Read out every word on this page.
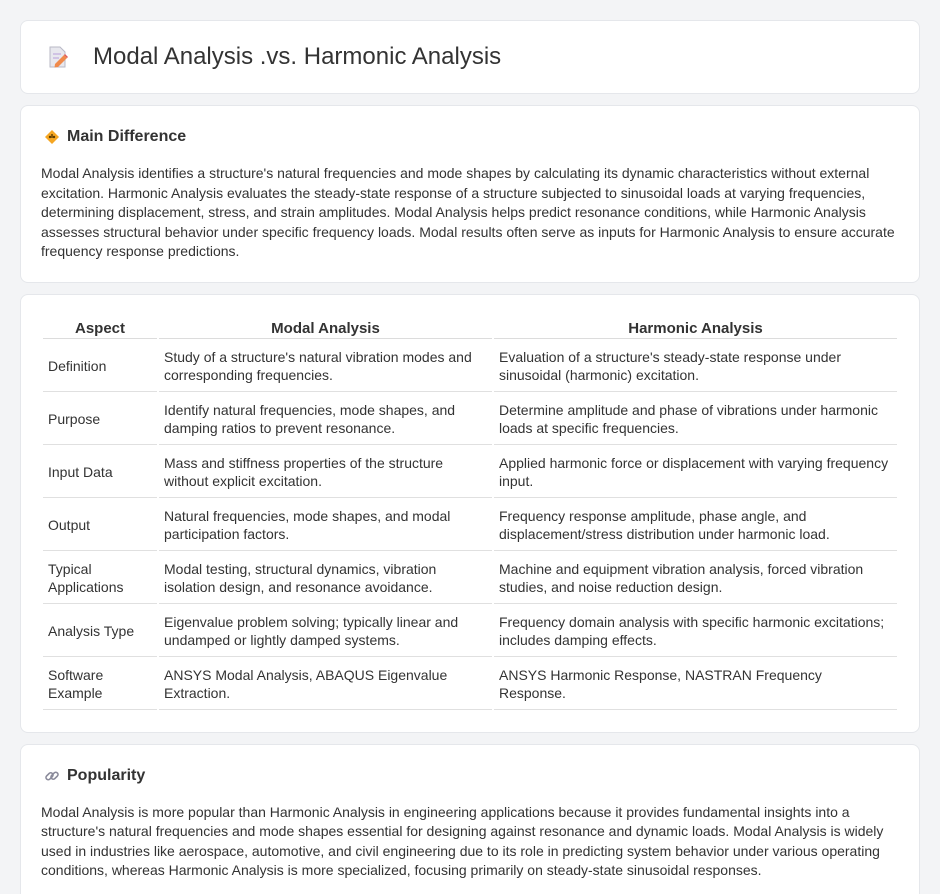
Modal Analysis .vs. Harmonic Analysis
Main Difference

Modal Analysis identifies a structure's natural frequencies and mode shapes by calculating its dynamic characteristics without external excitation. Harmonic Analysis evaluates the steady-state response of a structure subjected to sinusoidal loads at varying frequencies, determining displacement, stress, and strain amplitudes. Modal Analysis helps predict resonance conditions, while Harmonic Analysis assesses structural behavior under specific frequency loads. Modal results often serve as inputs for Harmonic Analysis to ensure accurate frequency response predictions.

Aspect	Modal Analysis	Harmonic Analysis
Definition	Study of a structure's natural vibration modes and corresponding frequencies.	Evaluation of a structure's steady-state response under sinusoidal (harmonic) excitation.
Purpose	Identify natural frequencies, mode shapes, and damping ratios to prevent resonance.	Determine amplitude and phase of vibrations under harmonic loads at specific frequencies.
Input Data	Mass and stiffness properties of the structure without explicit excitation.	Applied harmonic force or displacement with varying frequency input.
Output	Natural frequencies, mode shapes, and modal participation factors.	Frequency response amplitude, phase angle, and displacement/stress distribution under harmonic load.
Typical Applications	Modal testing, structural dynamics, vibration isolation design, and resonance avoidance.	Machine and equipment vibration analysis, forced vibration studies, and noise reduction design.
Analysis Type	Eigenvalue problem solving; typically linear and undamped or lightly damped systems.	Frequency domain analysis with specific harmonic excitations; includes damping effects.
Software Example	ANSYS Modal Analysis, ABAQUS Eigenvalue Extraction.	ANSYS Harmonic Response, NASTRAN Frequency Response.
Popularity

Modal Analysis is more popular than Harmonic Analysis in engineering applications because it provides fundamental insights into a structure's natural frequencies and mode shapes essential for designing against resonance and dynamic loads. Modal Analysis is widely used in industries like aerospace, automotive, and civil engineering due to its role in predicting system behavior under various operating conditions, whereas Harmonic Analysis is more specialized, focusing primarily on steady-state sinusoidal responses.
